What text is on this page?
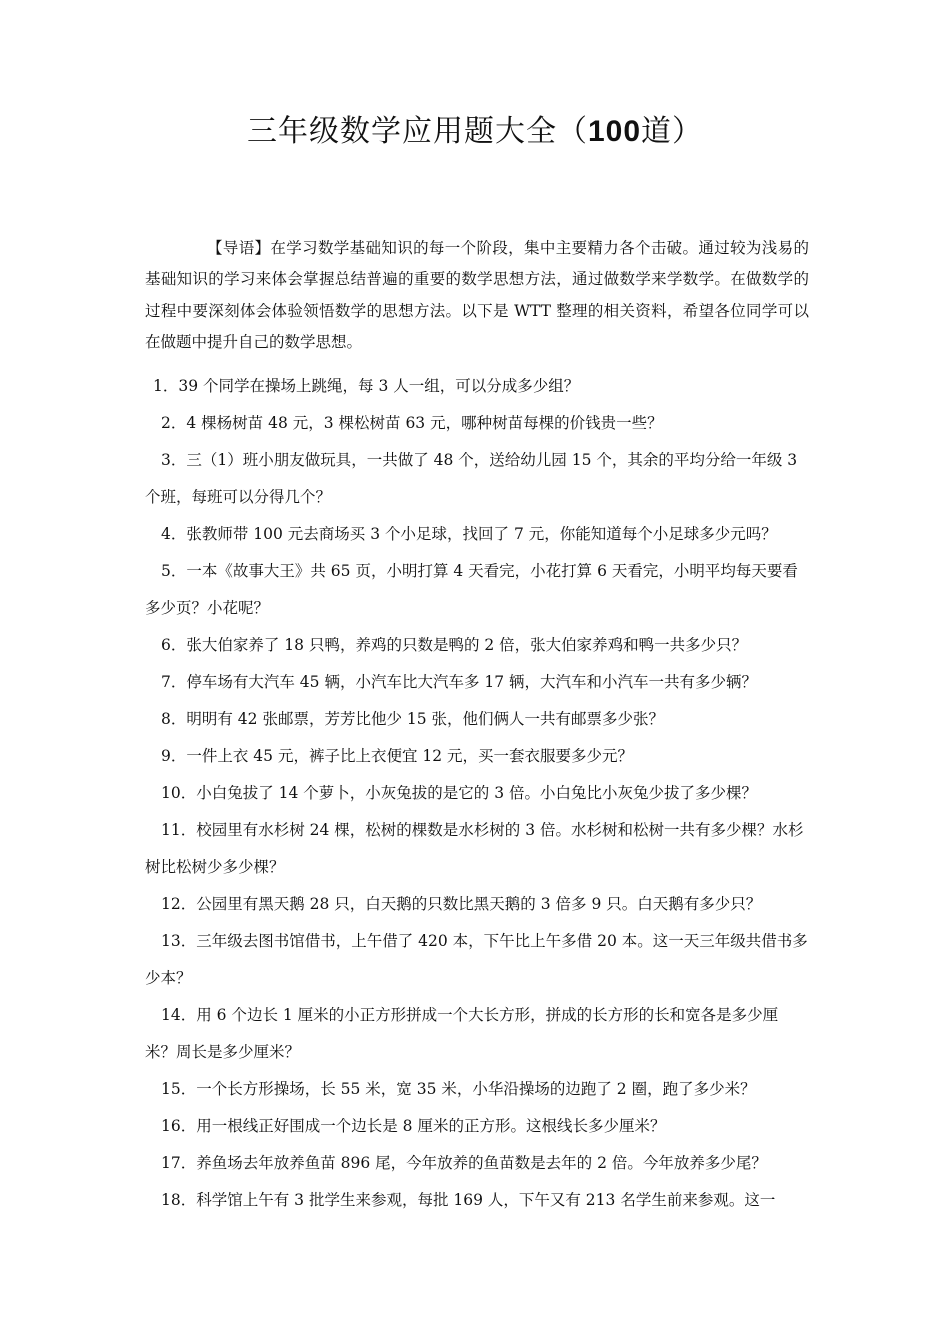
三年级数学应用题大全（100道）

【导语】在学习数学基础知识的每一个阶段，集中主要精力各个击破。通过较为浅易的基础知识的学习来体会掌握总结普遍的重要的数学思想方法，通过做数学来学数学。在做数学的过程中要深刻体会体验领悟数学的思想方法。以下是 WTT 整理的相关资料，希望各位同学可以在做题中提升自己的数学思想。

1．39 个同学在操场上跳绳，每 3 人一组，可以分成多少组？

2．4 棵杨树苗 48 元，3 棵松树苗 63 元，哪种树苗每棵的价钱贵一些？

3．三（1）班小朋友做玩具，一共做了 48 个，送给幼儿园 15 个，其余的平均分给一年级 3 个班，每班可以分得几个？

4．张教师带 100 元去商场买 3 个小足球，找回了 7 元，你能知道每个小足球多少元吗？

5．一本《故事大王》共 65 页，小明打算 4 天看完，小花打算 6 天看完，小明平均每天要看多少页？小花呢？

6．张大伯家养了 18 只鸭，养鸡的只数是鸭的 2 倍，张大伯家养鸡和鸭一共多少只？

7．停车场有大汽车 45 辆，小汽车比大汽车多 17 辆，大汽车和小汽车一共有多少辆？

8．明明有 42 张邮票，芳芳比他少 15 张，他们俩人一共有邮票多少张？

9．一件上衣 45 元，裤子比上衣便宜 12 元，买一套衣服要多少元？

10．小白兔拔了 14 个萝卜，小灰兔拔的是它的 3 倍。小白兔比小灰兔少拔了多少棵？

11．校园里有水杉树 24 棵，松树的棵数是水杉树的 3 倍。水杉树和松树一共有多少棵？水杉树比松树少多少棵？

12．公园里有黑天鹅 28 只，白天鹅的只数比黑天鹅的 3 倍多 9 只。白天鹅有多少只？

13．三年级去图书馆借书，上午借了 420 本，下午比上午多借 20 本。这一天三年级共借书多少本？

14．用 6 个边长 1 厘米的小正方形拼成一个大长方形，拼成的长方形的长和宽各是多少厘米？周长是多少厘米？

15．一个长方形操场，长 55 米，宽 35 米，小华沿操场的边跑了 2 圈，跑了多少米？

16．用一根线正好围成一个边长是 8 厘米的正方形。这根线长多少厘米？

17．养鱼场去年放养鱼苗 896 尾，今年放养的鱼苗数是去年的 2 倍。今年放养多少尾？

18．科学馆上午有 3 批学生来参观，每批 169 人，下午又有 213 名学生前来参观。这一
